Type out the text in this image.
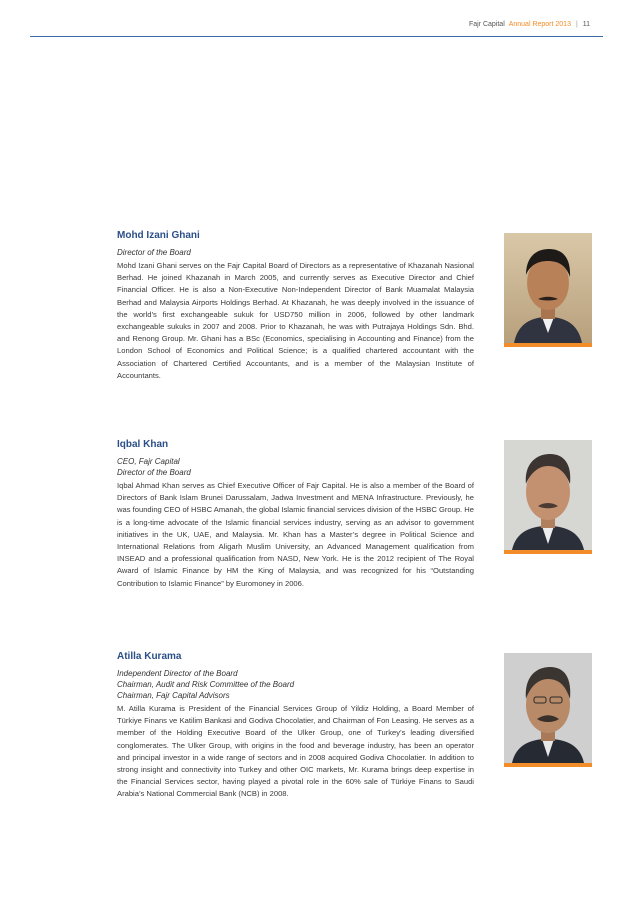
Fajr Capital Annual Report 2013 | 11
Mohd Izani Ghani
Director of the Board

Mohd Izani Ghani serves on the Fajr Capital Board of Directors as a representative of Khazanah Nasional Berhad. He joined Khazanah in March 2005, and currently serves as Executive Director and Chief Financial Officer. He is also a Non-Executive Non-Independent Director of Bank Muamalat Malaysia Berhad and Malaysia Airports Holdings Berhad. At Khazanah, he was deeply involved in the issuance of the world’s first exchangeable sukuk for USD750 million in 2006, followed by other landmark exchangeable sukuks in 2007 and 2008. Prior to Khazanah, he was with Putrajaya Holdings Sdn. Bhd. and Renong Group. Mr. Ghani has a BSc (Economics, specialising in Accounting and Finance) from the London School of Economics and Political Science; is a qualified chartered accountant with the Association of Chartered Certified Accountants, and is a member of the Malaysian Institute of Accountants.

Iqbal Khan
CEO, Fajr Capital
Director of the Board

Iqbal Ahmad Khan serves as Chief Executive Officer of Fajr Capital. He is also a member of the Board of Directors of Bank Islam Brunei Darussalam, Jadwa Investment and MENA Infrastructure. Previously, he was founding CEO of HSBC Amanah, the global Islamic financial services division of the HSBC Group. He is a long-time advocate of the Islamic financial services industry, serving as an advisor to government initiatives in the UK, UAE, and Malaysia. Mr. Khan has a Master’s degree in Political Science and International Relations from Aligarh Muslim University, an Advanced Management qualification from INSEAD and a professional qualification from NASD, New York. He is the 2012 recipient of The Royal Award of Islamic Finance by HM the King of Malaysia, and was recognized for his “Outstanding Contribution to Islamic Finance” by Euromoney in 2006.

Atilla Kurama
Independent Director of the Board
Chairman, Audit and Risk Committee of the Board
Chairman, Fajr Capital Advisors

M. Atilla Kurama is President of the Financial Services Group of Yildiz Holding, a Board Member of Türkiye Finans ve Katilim Bankasi and Godiva Chocolatier, and Chairman of Fon Leasing. He serves as a member of the Holding Executive Board of the Ulker Group, one of Turkey’s leading diversified conglomerates. The Ulker Group, with origins in the food and beverage industry, has been an operator and principal investor in a wide range of sectors and in 2008 acquired Godiva Chocolatier. In addition to strong insight and connectivity into Turkey and other OIC markets, Mr. Kurama brings deep expertise in the Financial Services sector, having played a pivotal role in the 60% sale of Türkiye Finans to Saudi Arabia’s National Commercial Bank (NCB) in 2008.
